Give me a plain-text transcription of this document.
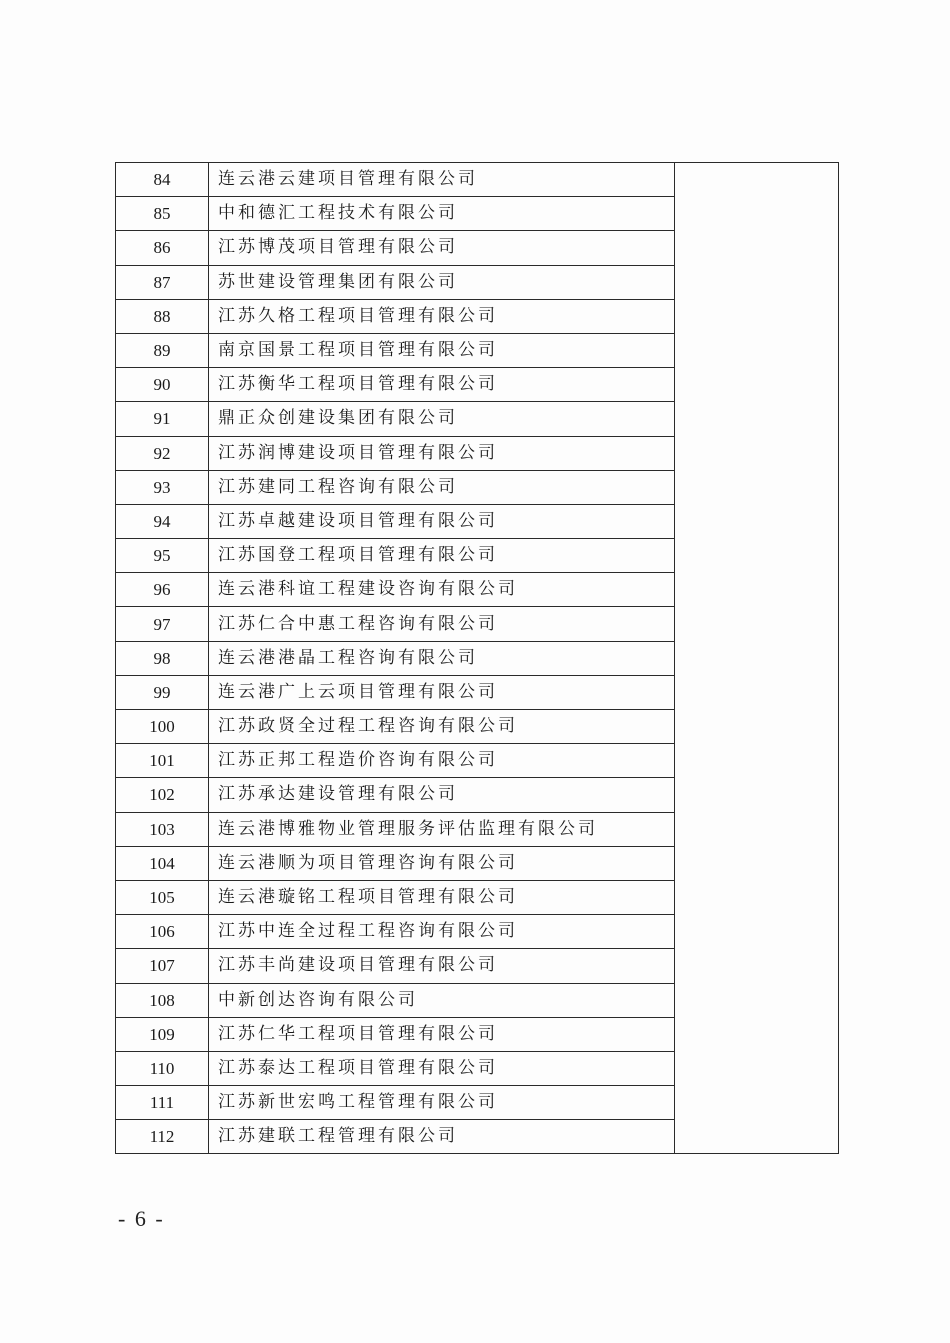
84	连云港云建项目管理有限公司	
85	中和德汇工程技术有限公司	
86	江苏博茂项目管理有限公司	
87	苏世建设管理集团有限公司	
88	江苏久格工程项目管理有限公司	
89	南京国景工程项目管理有限公司	
90	江苏衡华工程项目管理有限公司	
91	鼎正众创建设集团有限公司	
92	江苏润博建设项目管理有限公司	
93	江苏建同工程咨询有限公司	
94	江苏卓越建设项目管理有限公司	
95	江苏国登工程项目管理有限公司	
96	连云港科谊工程建设咨询有限公司	
97	江苏仁合中惠工程咨询有限公司	
98	连云港港晶工程咨询有限公司	
99	连云港广上云项目管理有限公司	
100	江苏政贤全过程工程咨询有限公司	
101	江苏正邦工程造价咨询有限公司	
102	江苏承达建设管理有限公司	
103	连云港博雅物业管理服务评估监理有限公司	
104	连云港顺为项目管理咨询有限公司	
105	连云港璇铭工程项目管理有限公司	
106	江苏中连全过程工程咨询有限公司	
107	江苏丰尚建设项目管理有限公司	
108	中新创达咨询有限公司	
109	江苏仁华工程项目管理有限公司	
110	江苏泰达工程项目管理有限公司	
111	江苏新世宏鸣工程管理有限公司	
112	江苏建联工程管理有限公司	
- 6 -
